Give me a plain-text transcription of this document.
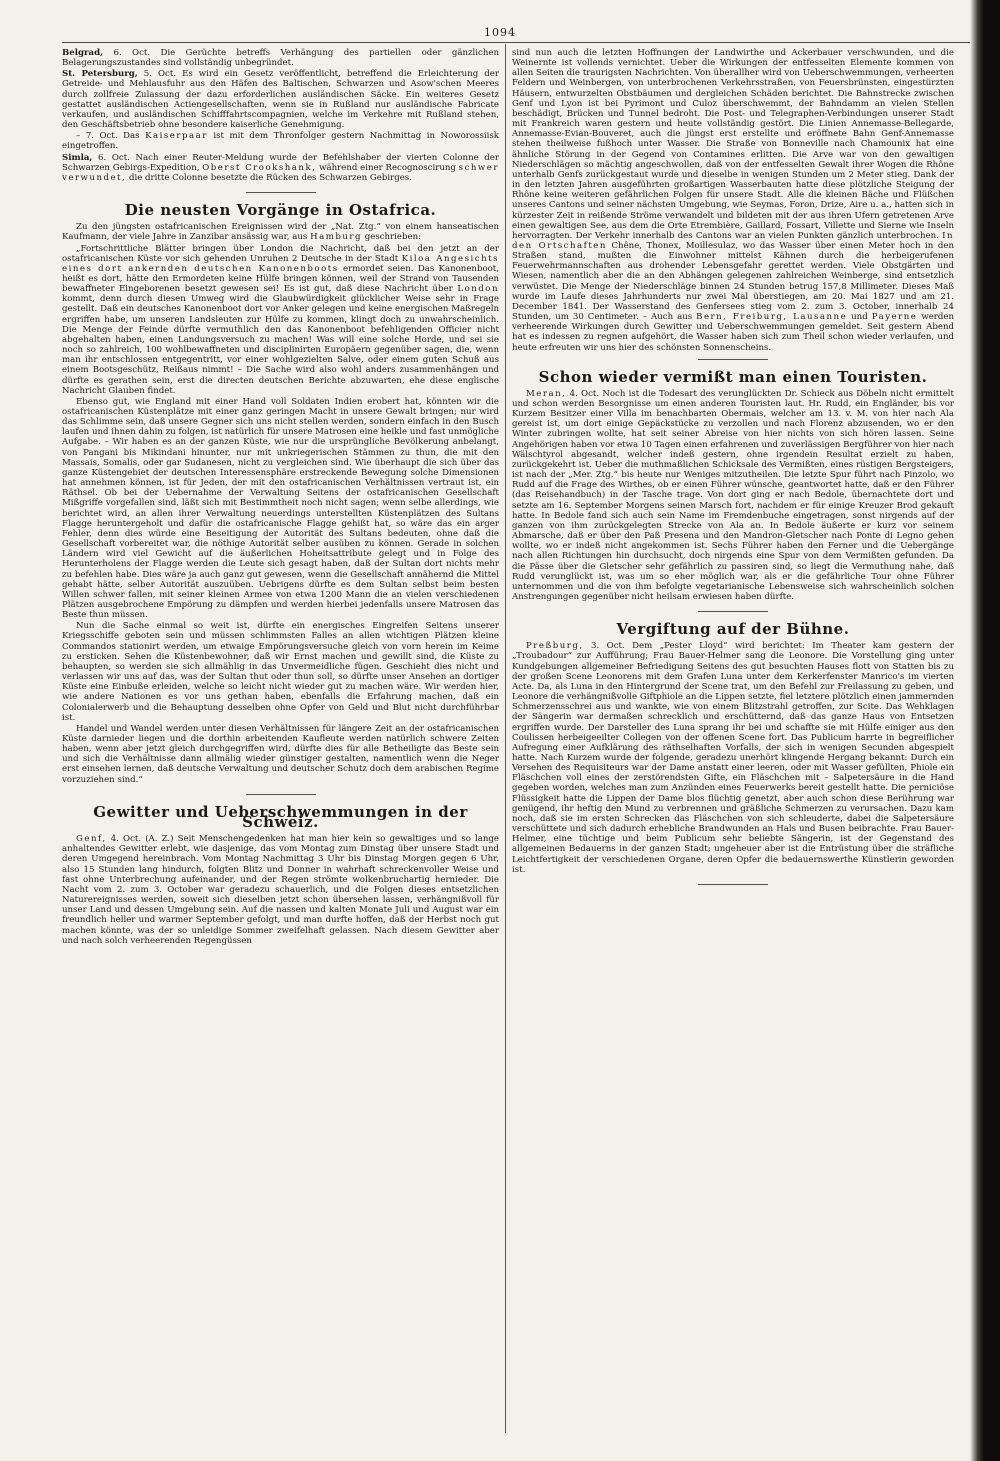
1094

Belgrad, 6. Oct. Die Gerüchte betreffs Verhängung des partiellen oder gänzlichen Belagerungszustandes sind vollständig unbegründet.

St. Petersburg, 5. Oct. Es wird ein Gesetz veröffentlicht, betreffend die Erleichterung der Getreide- und Mehlausfuhr aus den Häfen des Baltischen, Schwarzen und Asow'schen Meeres durch zollfreie Zulassung der dazu erforderlichen ausländischen Säcke. Ein weiteres Gesetz gestattet ausländischen Actiengesellschaften, wenn sie in Rußland nur ausländische Fabricate verkaufen, und ausländischen Schifffahrtscompagnien, welche im Verkehre mit Rußland stehen, den Geschäftsbetrieb ohne besondere kaiserliche Genehmigung.

– 7. Oct. Das Kaiserpaar ist mit dem Thronfolger gestern Nachmittag in Noworossiisk eingetroffen.

Simla, 6. Oct. Nach einer Reuter-Meldung wurde der Befehlshaber der vierten Colonne der Schwarzen Gebirgs-Expedition, Oberst Crookshank, während einer Recognoscirung schwer verwundet, die dritte Colonne besetzte die Rücken des Schwarzen Gebirges.

Die neusten Vorgänge in Ostafrica.

Zu den jüngsten ostafricanischen Ereignissen wird der „Nat. Ztg.“ von einem hanseatischen Kaufmann, der viele Jahre in Zanzibar ansässig war, aus Hamburg geschrieben:

„Fortschrittliche Blätter bringen über London die Nachricht, daß bei den jetzt an der ostafricanischen Küste vor sich gehenden Unruhen 2 Deutsche in der Stadt Kiloa Angesichts eines dort ankernden deutschen Kanonenboots ermordet seien. Das Kanonenboot, heißt es dort, hätte den Ermordeten keine Hülfe bringen können, weil der Strand von Tausenden bewaffneter Eingeborenen besetzt gewesen sei! Es ist gut, daß diese Nachricht über London kommt, denn durch diesen Umweg wird die Glaubwürdigkeit glücklicher Weise sehr in Frage gestellt. Daß ein deutsches Kanonenboot dort vor Anker gelegen und keine energischen Maßregeln ergriffen habe, um unseren Landsleuten zur Hülfe zu kommen, klingt doch zu unwahrscheinlich. Die Menge der Feinde dürfte vermuthlich den das Kanonenboot befehligenden Officier nicht abgehalten haben, einen Landungsversuch zu machen! Was will eine solche Horde, und sei sie noch so zahlreich, 100 wohlbewaffneten und disciplinirten Europäern gegenüber sagen, die, wenn man ihr entschlossen entgegentritt, vor einer wohlgezielten Salve, oder einem guten Schuß aus einem Bootsgeschütz, Reißaus nimmt! – Die Sache wird also wohl anders zusammenhängen und dürfte es gerathen sein, erst die directen deutschen Berichte abzuwarten, ehe diese englische Nachricht Glauben findet.

Ebenso gut, wie England mit einer Hand voll Soldaten Indien erobert hat, könnten wir die ostafricanischen Küstenplätze mit einer ganz geringen Macht in unsere Gewalt bringen; nur wird das Schlimme sein, daß unsere Gegner sich uns nicht stellen werden, sondern einfach in den Busch laufen und ihnen dahin zu folgen, ist natürlich für unsere Matrosen eine heikle und fast unmögliche Aufgabe. – Wir haben es an der ganzen Küste, wie nur die ursprüngliche Bevölkerung anbelangt, von Pangani bis Mikindani hinunter, nur mit unkriegerischen Stämmen zu thun, die mit den Massais, Somalis, oder gar Sudanesen, nicht zu vergleichen sind. Wie überhaupt die sich über das ganze Küstengebiet der deutschen Interessensphäre erstreckende Bewegung solche Dimensionen hat annehmen können, ist für Jeden, der mit den ostafricanischen Verhältnissen vertraut ist, ein Räthsel. Ob bei der Uebernahme der Verwaltung Seitens der ostafricanischen Gesellschaft Mißgriffe vorgefallen sind, läßt sich mit Bestimmtheit noch nicht sagen; wenn selbe allerdings, wie berichtet wird, an allen ihrer Verwaltung neuerdings unterstellten Küstenplätzen des Sultans Flagge heruntergeholt und dafür die ostafricanische Flagge gehißt hat, so wäre das ein arger Fehler, denn dies würde eine Beseitigung der Autorität des Sultans bedeuten, ohne daß die Gesellschaft vorbereitet war, die nöthige Autorität selber ausüben zu können. Gerade in solchen Ländern wird viel Gewicht auf die äußerlichen Hoheitsattribute gelegt und in Folge des Herunterholens der Flagge werden die Leute sich gesagt haben, daß der Sultan dort nichts mehr zu befehlen habe. Dies wäre ja auch ganz gut gewesen, wenn die Gesellschaft annähernd die Mittel gehabt hätte, selber Autorität auszuüben. Uebrigens dürfte es dem Sultan selbst beim besten Willen schwer fallen, mit seiner kleinen Armee von etwa 1200 Mann die an vielen verschiedenen Plätzen ausgebrochene Empörung zu dämpfen und werden hierbei jedenfalls unsere Matrosen das Beste thun müssen.

Nun die Sache einmal so weit ist, dürfte ein energisches Eingreifen Seitens unserer Kriegsschiffe geboten sein und müssen schlimmsten Falles an allen wichtigen Plätzen kleine Commandos stationirt werden, um etwaige Empörungsversuche gleich von vorn herein im Keime zu ersticken. Sehen die Küstenbewohner, daß wir Ernst machen und gewillt sind, die Küste zu behaupten, so werden sie sich allmählig in das Unvermeidliche fügen. Geschieht dies nicht und verlassen wir uns auf das, was der Sultan thut oder thun soll, so dürfte unser Ansehen an dortiger Küste eine Einbuße erleiden, welche so leicht nicht wieder gut zu machen wäre. Wir werden hier, wie andere Nationen es vor uns gethan haben, ebenfalls die Erfahrung machen, daß ein Colonialerwerb und die Behauptung desselben ohne Opfer von Geld und Blut nicht durchführbar ist.

Handel und Wandel werden unter diesen Verhältnissen für längere Zeit an der ostafricanischen Küste darnieder liegen und die dorthin arbeitenden Kaufleute werden natürlich schwere Zeiten haben, wenn aber jetzt gleich durchgegriffen wird, dürfte dies für alle Betheiligte das Beste sein und sich die Verhältnisse dann allmälig wieder günstiger gestalten, namentlich wenn die Neger erst einsehen lernen, daß deutsche Verwaltung und deutscher Schutz doch dem arabischen Regime vorzuziehen sind.“

Gewitter und Ueberschwemmungen in der Schweiz.

Genf, 4. Oct. (A. Z.) Seit Menschengedenken hat man hier kein so gewaltiges und so lange anhaltendes Gewitter erlebt, wie dasjenige, das vom Montag zum Dinstag über unsere Stadt und deren Umgegend hereinbrach. Vom Montag Nachmittag 3 Uhr bis Dinstag Morgen gegen 6 Uhr, also 15 Stunden lang hindurch, folgten Blitz und Donner in wahrhaft schreckenvoller Weise und fast ohne Unterbrechung aufeinander, und der Regen strömte wolkenbruchartig hernieder. Die Nacht vom 2. zum 3. October war geradezu schauerlich, und die Folgen dieses entsetzlichen Naturereignisses werden, soweit sich dieselben jetzt schon übersehen lassen, verhängnißvoll für unser Land und dessen Umgebung sein. Auf die nassen und kalten Monate Juli und August war ein freundlich heller und warmer September gefolgt, und man durfte hoffen, daß der Herbst noch gut machen könnte, was der so unleidige Sommer zweifelhaft gelassen. Nach diesem Gewitter aber und nach solch verheerenden Regengüssen

sind nun auch die letzten Hoffnungen der Landwirthe und Ackerbauer verschwunden, und die Weinernte ist vollends vernichtet. Ueber die Wirkungen der entfesselten Elemente kommen von allen Seiten die traurigsten Nachrichten. Von überallher wird von Ueberschwemmungen, verheerten Feldern und Weinbergen, von unterbrochenen Verkehrsstraßen, von Feuersbrünsten, eingestürzten Häusern, entwurzelten Obstbäumen und dergleichen Schäden berichtet. Die Bahnstrecke zwischen Genf und Lyon ist bei Pyrimont und Culoz überschwemmt, der Bahndamm an vielen Stellen beschädigt, Brücken und Tunnel bedroht. Die Post- und Telegraphen-Verbindungen unserer Stadt mit Frankreich waren gestern und heute vollständig gestört. Die Linien Annemasse-Bellegarde, Annemasse-Evian-Bouveret, auch die jüngst erst erstellte und eröffnete Bahn Genf-Annemasse stehen theilweise fußhoch unter Wasser. Die Straße von Bonneville nach Chamounix hat eine ähnliche Störung in der Gegend von Contamines erlitten. Die Arve war von den gewaltigen Niederschlägen so mächtig angeschwollen, daß von der entfesselten Gewalt ihrer Wogen die Rhône unterhalb Genfs zurückgestaut wurde und dieselbe in wenigen Stunden um 2 Meter stieg. Dank der in den letzten Jahren ausgeführten großartigen Wasserbauten hatte diese plötzliche Steigung der Rhône keine weiteren gefährlichen Folgen für unsere Stadt. Alle die kleinen Bäche und Flüßchen unseres Cantons und seiner nächsten Umgebung, wie Seymas, Foron, Drize, Aire u. a., hatten sich in kürzester Zeit in reißende Ströme verwandelt und bildeten mit der aus ihren Ufern getretenen Arve einen gewaltigen See, aus dem die Orte Etrembière, Gaillard, Fossart, Villette und Sierne wie Inseln hervorragten. Der Verkehr innerhalb des Cantons war an vielen Punkten gänzlich unterbrochen. In den Ortschaften Chêne, Thonex, Moillesulaz, wo das Wasser über einen Meter hoch in den Straßen stand, mußten die Einwohner mittelst Kähnen durch die herbeigerufenen Feuerwehrmannschaften aus drohender Lebensgefahr gerettet werden. Viele Obstgärten und Wiesen, namentlich aber die an den Abhängen gelegenen zahlreichen Weinberge, sind entsetzlich verwüstet. Die Menge der Niederschläge binnen 24 Stunden betrug 157,8 Millimeter. Dieses Maß wurde im Laufe dieses Jahrhunderts nur zwei Mal überstiegen, am 20. Mai 1827 und am 21. December 1841. Der Wasserstand des Genfersees stieg vom 2. zum 3. October, innerhalb 24 Stunden, um 30 Centimeter. – Auch aus Bern, Freiburg, Lausanne und Payerne werden verheerende Wirkungen durch Gewitter und Ueberschwemmungen gemeldet. Seit gestern Abend hat es indessen zu regnen aufgehört, die Wasser haben sich zum Theil schon wieder verlaufen, und heute erfreuten wir uns hier des schönsten Sonnenscheins.

Schon wieder vermißt man einen Touristen.

Meran, 4. Oct. Noch ist die Todesart des verunglückten Dr. Schieck aus Döbeln nicht ermittelt und schon werden Besorgnisse um einen anderen Touristen laut. Hr. Rudd, ein Engländer, bis vor Kurzem Besitzer einer Villa im benachbarten Obermais, welcher am 13. v. M. von hier nach Ala gereist ist, um dort einige Gepäckstücke zu verzollen und nach Florenz abzusenden, wo er den Winter zubringen wollte, hat seit seiner Abreise von hier nichts von sich hören lassen. Seine Angehörigen haben vor etwa 10 Tagen einen erfahrenen und zuverlässigen Bergführer von hier nach Wälschtyrol abgesandt, welcher indeß gestern, ohne irgendein Resultat erzielt zu haben, zurückgekehrt ist. Ueber die muthmaßlichen Schicksale des Vermißten, eines rüstigen Bergsteigers, ist nach der „Mer. Ztg.“ bis heute nur Weniges mitzutheilen. Die letzte Spur führt nach Pinzolo, wo Rudd auf die Frage des Wirthes, ob er einen Führer wünsche, geantwortet hatte, daß er den Führer (das Reisehandbuch) in der Tasche trage. Von dort ging er nach Bedole, übernachtete dort und setzte am 16. September Morgens seinen Marsch fort, nachdem er für einige Kreuzer Brod gekauft hatte. In Bedole fand sich auch sein Name im Fremdenbuche eingetragen, sonst nirgends auf der ganzen von ihm zurückgelegten Strecke von Ala an. In Bedole äußerte er kurz vor seinem Abmarsche, daß er über den Paß Presena und den Mandron-Gletscher nach Ponte di Legno gehen wollte, wo er indeß nicht angekommen ist. Sechs Führer haben den Ferner und die Uebergänge nach allen Richtungen hin durchsucht, doch nirgends eine Spur von dem Vermißten gefunden. Da die Pässe über die Gletscher sehr gefährlich zu passiren sind, so liegt die Vermuthung nahe, daß Rudd verunglückt ist, was um so eher möglich war, als er die gefährliche Tour ohne Führer unternommen und die von ihm befolgte vegetarianische Lebensweise sich wahrscheinlich solchen Anstrengungen gegenüber nicht heilsam erwiesen haben dürfte.

Vergiftung auf der Bühne.

Preßburg, 3. Oct. Dem „Pester Lloyd“ wird berichtet: Im Theater kam gestern der „Troubadour“ zur Aufführung; Frau Bauer-Helmer sang die Leonore. Die Vorstellung ging unter Kundgebungen allgemeiner Befriedigung Seitens des gut besuchten Hauses flott von Statten bis zu der großen Scene Leonorens mit dem Grafen Luna unter dem Kerkerfenster Manrico's im vierten Acte. Da, als Luna in den Hintergrund der Scene trat, um den Befehl zur Freilassung zu geben, und Leonore die verhängnißvolle Giftphiole an die Lippen setzte, fiel letztere plötzlich einen jammernden Schmerzensschrei aus und wankte, wie von einem Blitzstrahl getroffen, zur Scite. Das Wehklagen der Sängerin war dermaßen schrecklich und erschütternd, daß das ganze Haus von Entsetzen ergriffen wurde. Der Darsteller des Luna sprang ihr bei und schaffte sie mit Hülfe einiger aus den Coulissen herbeigeeilter Collegen von der offenen Scene fort. Das Publicum harrte in begreiflicher Aufregung einer Aufklärung des räthselhaften Vorfalls, der sich in wenigen Secunden abgespielt hatte. Nach Kurzem wurde der folgende, geradezu unerhört klingende Hergang bekannt: Durch ein Versehen des Requisiteurs war der Dame anstatt einer leeren, oder mit Wasser gefüllten, Phiole ein Fläschchen voll eines der zerstörendsten Gifte, ein Fläschchen mit – Salpetersäure in die Hand gegeben worden, welches man zum Anzünden eines Feuerwerks bereit gestellt hatte. Die perniciöse Flüssigkeit hatte die Lippen der Dame blos flüchtig genetzt, aber auch schon diese Berührung war genügend, ihr heftig den Mund zu verbrennen und gräßliche Schmerzen zu verursachen. Dazu kam noch, daß sie im ersten Schrecken das Fläschchen von sich schleuderte, dabei die Salpetersäure verschüttete und sich dadurch erhebliche Brandwunden an Hals und Busen beibrachte. Frau Bauer-Helmer, eine tüchtige und beim Publicum sehr beliebte Sängerin, ist der Gegenstand des allgemeinen Bedauerns in der ganzen Stadt; ungeheuer aber ist die Entrüstung über die sträfliche Leichtfertigkeit der verschiedenen Organe, deren Opfer die bedauernswerthe Künstlerin geworden ist.
